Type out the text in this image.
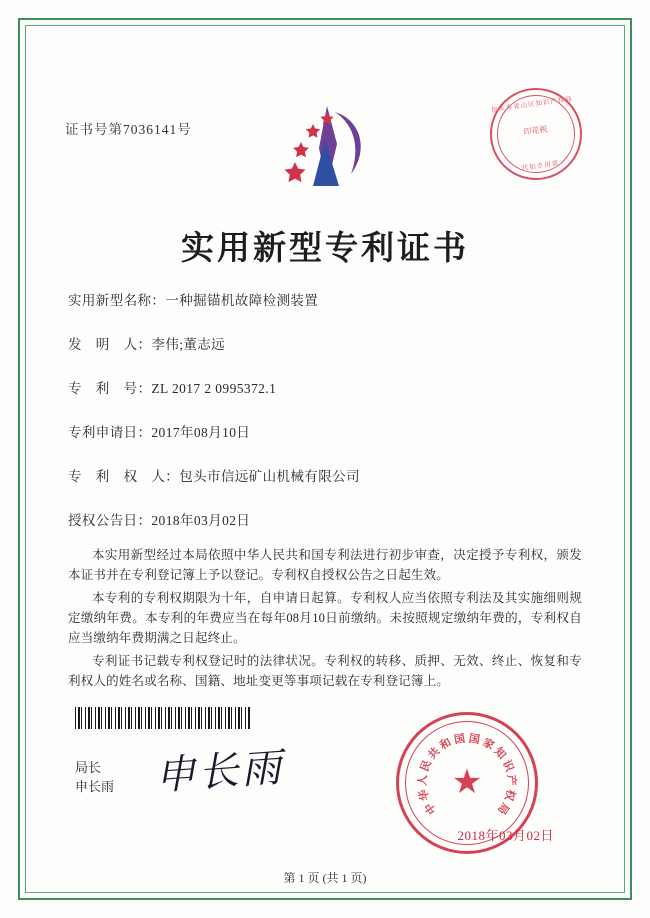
证书号第7036141号
包头市青山区知识产权局
印花税
代扣专用章
实用新型专利证书
实用新型名称：一种掘锚机故障检测装置
发　明　人：李伟;董志远
专　利　号：ZL 2017 2 0995372.1
专利申请日：2017年08月10日
专　利　权　人：包头市信远矿山机械有限公司
授权公告日：2018年03月02日
本实用新型经过本局依照中华人民共和国专利法进行初步审查，决定授予专利权，颁发本证书并在专利登记簿上予以登记。专利权自授权公告之日起生效。
本专利的专利权期限为十年，自申请日起算。专利权人应当依照专利法及其实施细则规定缴纳年费。本专利的年费应当在每年08月10日前缴纳。未按照规定缴纳年费的，专利权自应当缴纳年费期满之日起终止。
专利证书记载专利权登记时的法律状况。专利权的转移、质押、无效、终止、恢复和专利权人的姓名或名称、国籍、地址变更等事项记载在专利登记簿上。
局长
申长雨 申长雨	★
中
华
人
民
共
和 国 国 家
知
识
产
权
局
2018年03月02日
第 1 页 (共 1 页)
